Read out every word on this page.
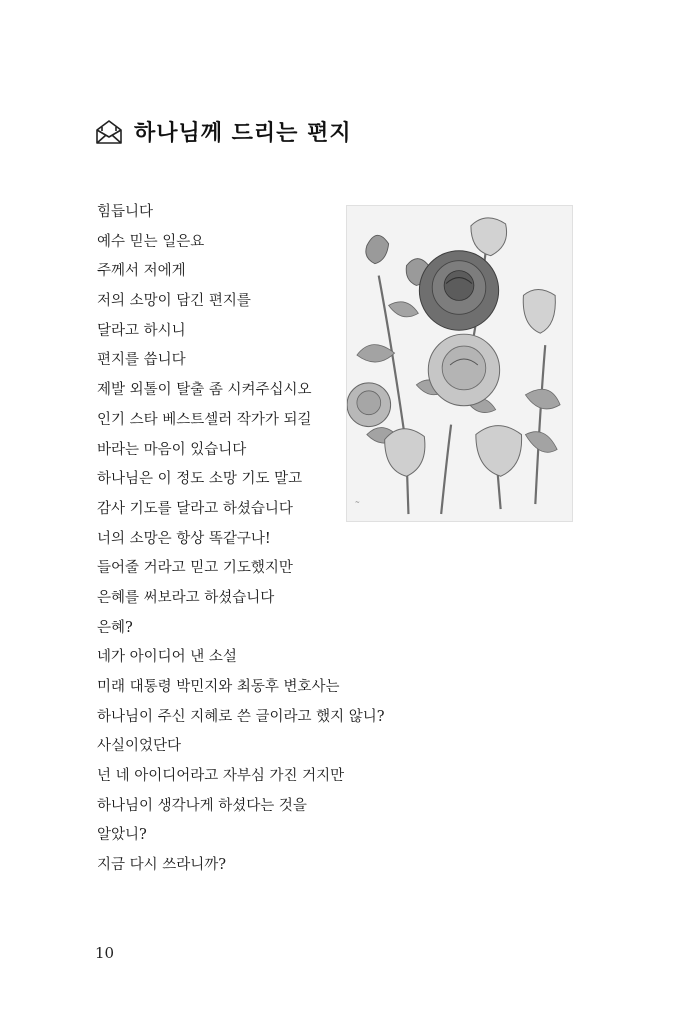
하나님께 드리는 편지
힘듭니다
예수 믿는 일은요
주께서 저에게
저의 소망이 담긴 편지를
달라고 하시니
편지를 씁니다
제발 외톨이 탈출 좀 시켜주십시오
인기 스타 베스트셀러 작가가 되길
바라는 마음이 있습니다
하나님은 이 정도 소망 기도 말고
감사 기도를 달라고 하셨습니다
너의 소망은 항상 똑같구나!
들어줄 거라고 믿고 기도했지만
은혜를 써보라고 하셨습니다
은혜?
네가 아이디어 낸 소설
미래 대통령 박민지와 최동후 변호사는
하나님이 주신 지혜로 쓴 글이라고 했지 않니?
사실이었단다
넌 네 아이디어라고 자부심 가진 거지만
하나님이 생각나게 하셨다는 것을
알았니?
지금 다시 쓰라니까?
~
10
